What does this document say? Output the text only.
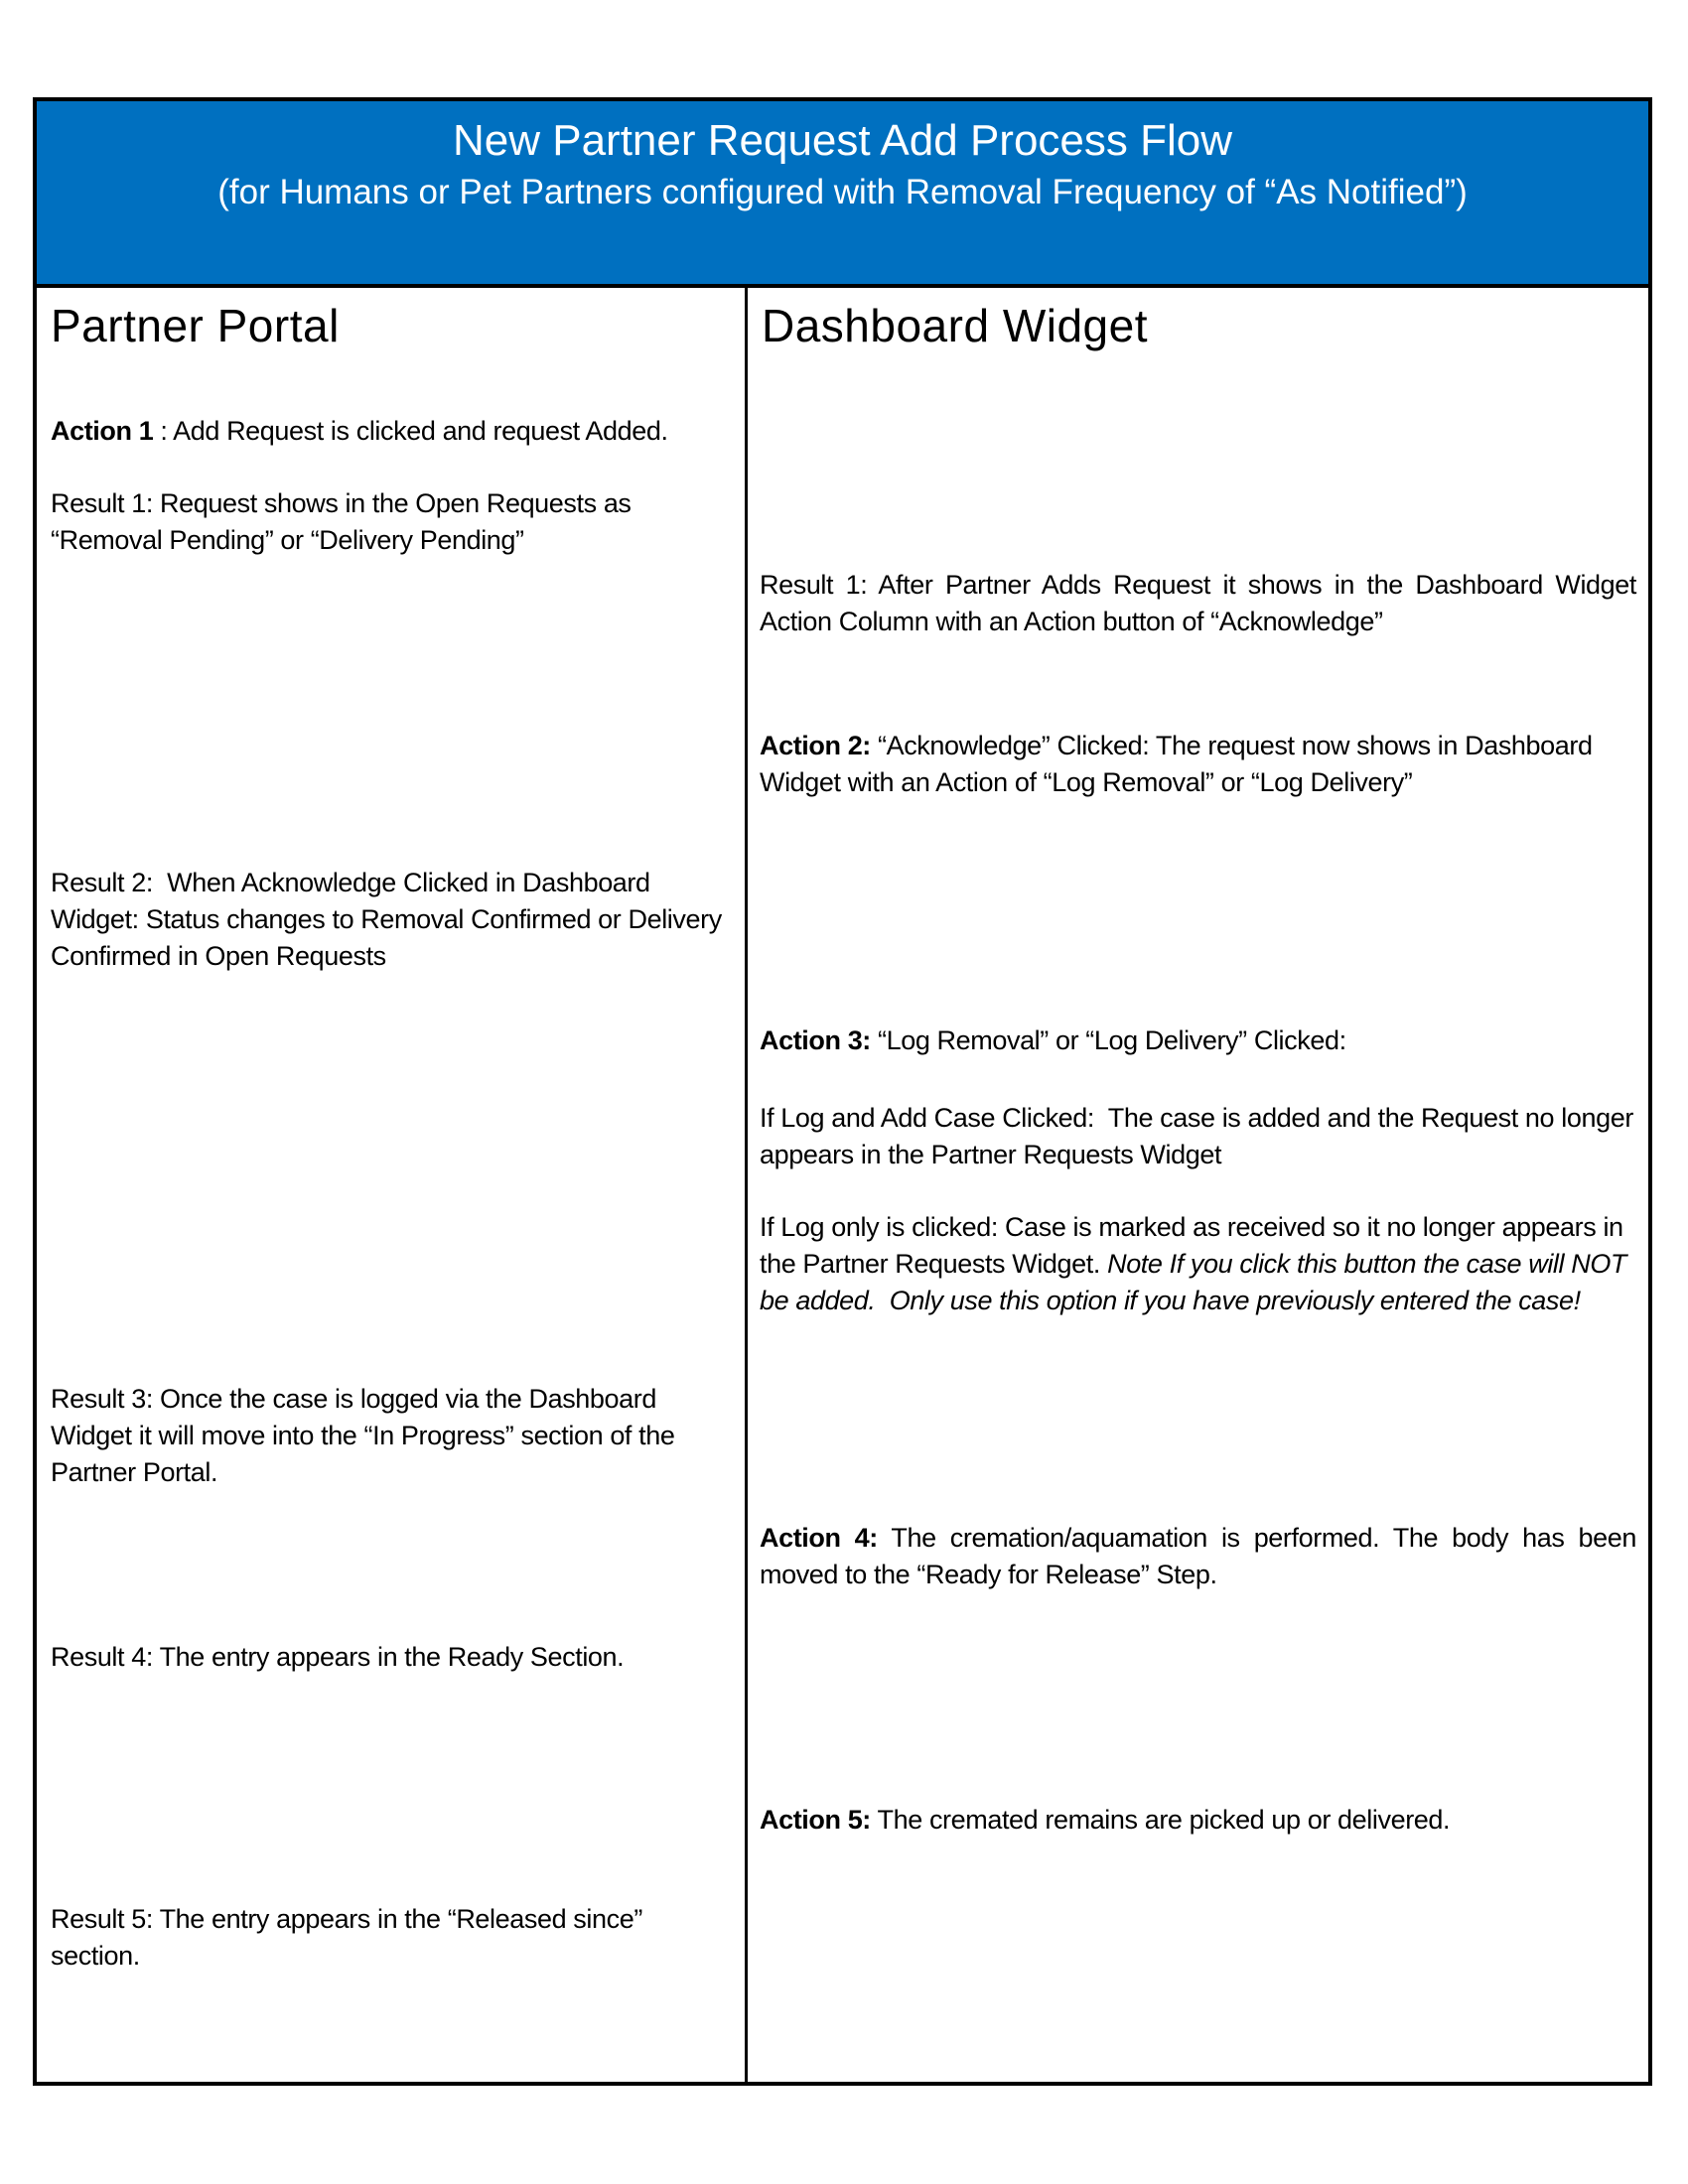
New Partner Request Add Process Flow
(for Humans or Pet Partners configured with Removal Frequency of “As Notified”)
Partner Portal

Action 1 : Add Request is clicked and request Added.

Result 1: Request shows in the Open Requests as “Removal Pending” or “Delivery Pending”

Result 2:  When Acknowledge Clicked in Dashboard Widget: Status changes to Removal Confirmed or Delivery Confirmed in Open Requests

Result 3: Once the case is logged via the Dashboard Widget it will move into the “In Progress” section of the Partner Portal.

Result 4: The entry appears in the Ready Section.

Result 5: The entry appears in the “Released since” section.

Dashboard Widget

Result 1: After Partner Adds Request it shows in the Dashboard Widget Action Column with an Action button of “Acknowledge”

Action 2: “Acknowledge” Clicked: The request now shows in Dashboard Widget with an Action of “Log Removal” or “Log Delivery”

Action 3: “Log Removal” or “Log Delivery” Clicked:

If Log and Add Case Clicked:  The case is added and the Request no longer appears in the Partner Requests Widget

If Log only is clicked: Case is marked as received so it no longer appears in the Partner Requests Widget. Note If you click this button the case will NOT be added.  Only use this option if you have previously entered the case!

Action 4: The cremation/aquamation is performed. The body has been moved to the “Ready for Release” Step.

Action 5: The cremated remains are picked up or delivered.
